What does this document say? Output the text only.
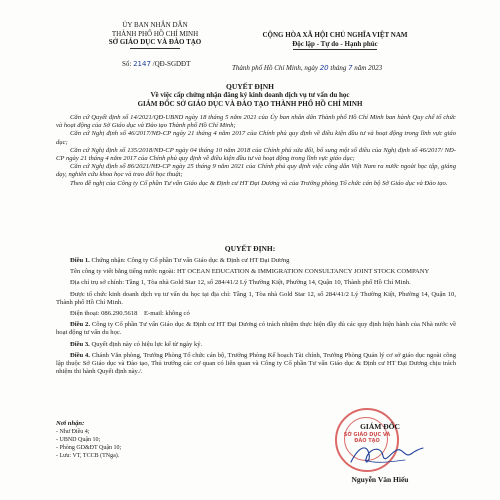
ỦY BAN NHÂN DÂN
THÀNH PHỐ HỒ CHÍ MINH
SỞ GIÁO DỤC VÀ ĐÀO TẠO
Số: 2147 /QĐ-SGDĐT
CỘNG HÒA XÃ HỘI CHỦ NGHĨA VIỆT NAM
Độc lập - Tự do - Hạnh phúc
Thành phố Hồ Chí Minh, ngày 20 tháng 7 năm 2023
QUYẾT ĐỊNH
Về việc cấp chứng nhận đăng ký kinh doanh dịch vụ tư vấn du học
GIÁM ĐỐC SỞ GIÁO DỤC VÀ ĐÀO TẠO THÀNH PHỐ HỒ CHÍ MINH
Căn cứ Quyết định số 14/2021/QĐ-UBND ngày 18 tháng 5 năm 2021 của Ủy ban nhân dân Thành phố Hồ Chí Minh ban hành Quy chế tổ chức và hoạt động của Sở Giáo dục và Đào tạo Thành phố Hồ Chí Minh;
Căn cứ Nghị định số 46/2017/NĐ-CP ngày 21 tháng 4 năm 2017 của Chính phủ quy định về điều kiện đầu tư và hoạt động trong lĩnh vực giáo dục;
Căn cứ Nghị định số 135/2018/NĐ-CP ngày 04 tháng 10 năm 2018 của Chính phủ sửa đổi, bổ sung một số điều của Nghị định số 46/2017/ NĐ-CP ngày 21 tháng 4 năm 2017 của Chính phủ quy định về điều kiện đầu tư và hoạt động trong lĩnh vực giáo dục;
Căn cứ Nghị định số 86/2021/NĐ-CP ngày 25 tháng 9 năm 2021 của Chính phủ quy định việc công dân Việt Nam ra nước ngoài học tập, giảng dạy, nghiên cứu khoa học và trao đổi học thuật;
Theo đề nghị của Công ty Cổ phần Tư vấn Giáo dục & Định cư HT Đại Dương và của Trưởng phòng Tổ chức cán bộ Sở Giáo dục và Đào tạo.
QUYẾT ĐỊNH:
Điều 1. Chứng nhận: Công ty Cổ phần Tư vấn Giáo dục & Định cư HT Đại Dương
Tên công ty viết bằng tiếng nước ngoài: HT OCEAN EDUCATION & IMMIGRATION CONSULTANCY JOINT STOCK COMPANY
Địa chỉ trụ sở chính: Tầng 1, Tòa nhà Gold Star 12, số 284/41/2 Lý Thường Kiệt, Phường 14, Quận 10, Thành phố Hồ Chí Minh.
Được tổ chức kinh doanh dịch vụ tư vấn du học tại địa chỉ: Tầng 1, Tòa nhà Gold Star 12, số 284/41/2 Lý Thường Kiệt, Phường 14, Quận 10, Thành phố Hồ Chí Minh.
Điện thoại: 086.290.5618    E-mail: không có
Điều 2. Công ty Cổ phần Tư vấn Giáo dục & Định cư HT Đại Dương có trách nhiệm thực hiện đầy đủ các quy định hiện hành của Nhà nước về hoạt động tư vấn du học.
Điều 3. Quyết định này có hiệu lực kể từ ngày ký.
Điều 4. Chánh Văn phòng, Trưởng Phòng Tổ chức cán bộ, Trưởng Phòng Kế hoạch Tài chính, Trưởng Phòng Quản lý cơ sở giáo dục ngoài công lập thuộc Sở Giáo dục và Đào tạo, Thủ trưởng các cơ quan có liên quan và Công ty Cổ phần Tư vấn Giáo dục & Định cư HT Đại Dương chịu trách nhiệm thi hành Quyết định này./.
Nơi nhận:
- Như Điều 4;
- UBND Quận 10;
- Phòng GD&ĐT Quận 10;
- Lưu: VT, TCCB (TNga).
SỞ GIÁO DỤC VÀ ĐÀO TẠO
GIÁM ĐỐC
Nguyễn Văn Hiếu
